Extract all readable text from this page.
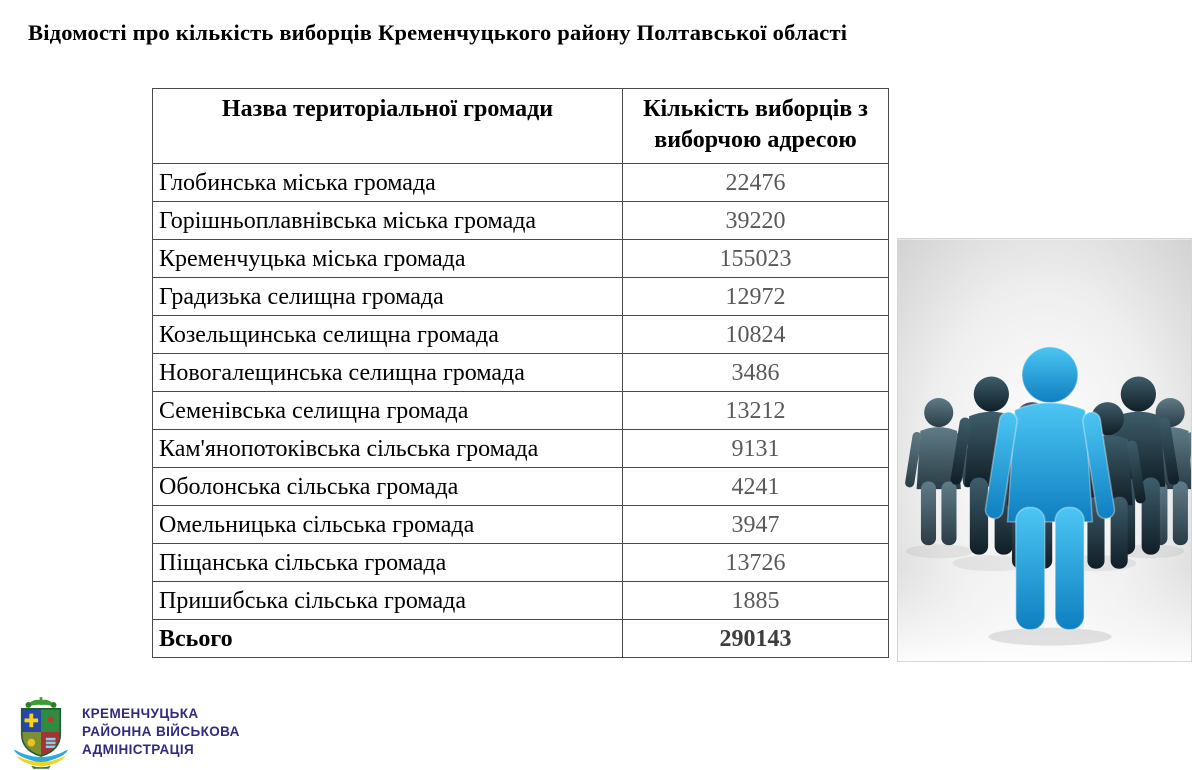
Відомості про кількість виборців Кременчуцького району Полтавської області
Назва територіальної громади	Кількість виборців з виборчою адресою
Глобинська міська громада	22476
Горішньоплавнівська міська громада	39220
Кременчуцька міська громада	155023
Градизька селищна громада	12972
Козельщинська селищна громада	10824
Новогалещинська селищна громада	3486
Семенівська селищна громада	13212
Кам'янопотоківська сільська громада	9131
Оболонська сільська громада	4241
Омельницька сільська громада	3947
Піщанська сільська громада	13726
Пришибська сільська громада	1885
Всього	290143
КРЕМЕНЧУЦЬКА
РАЙОННА ВІЙСЬКОВА
АДМІНІСТРАЦІЯ
